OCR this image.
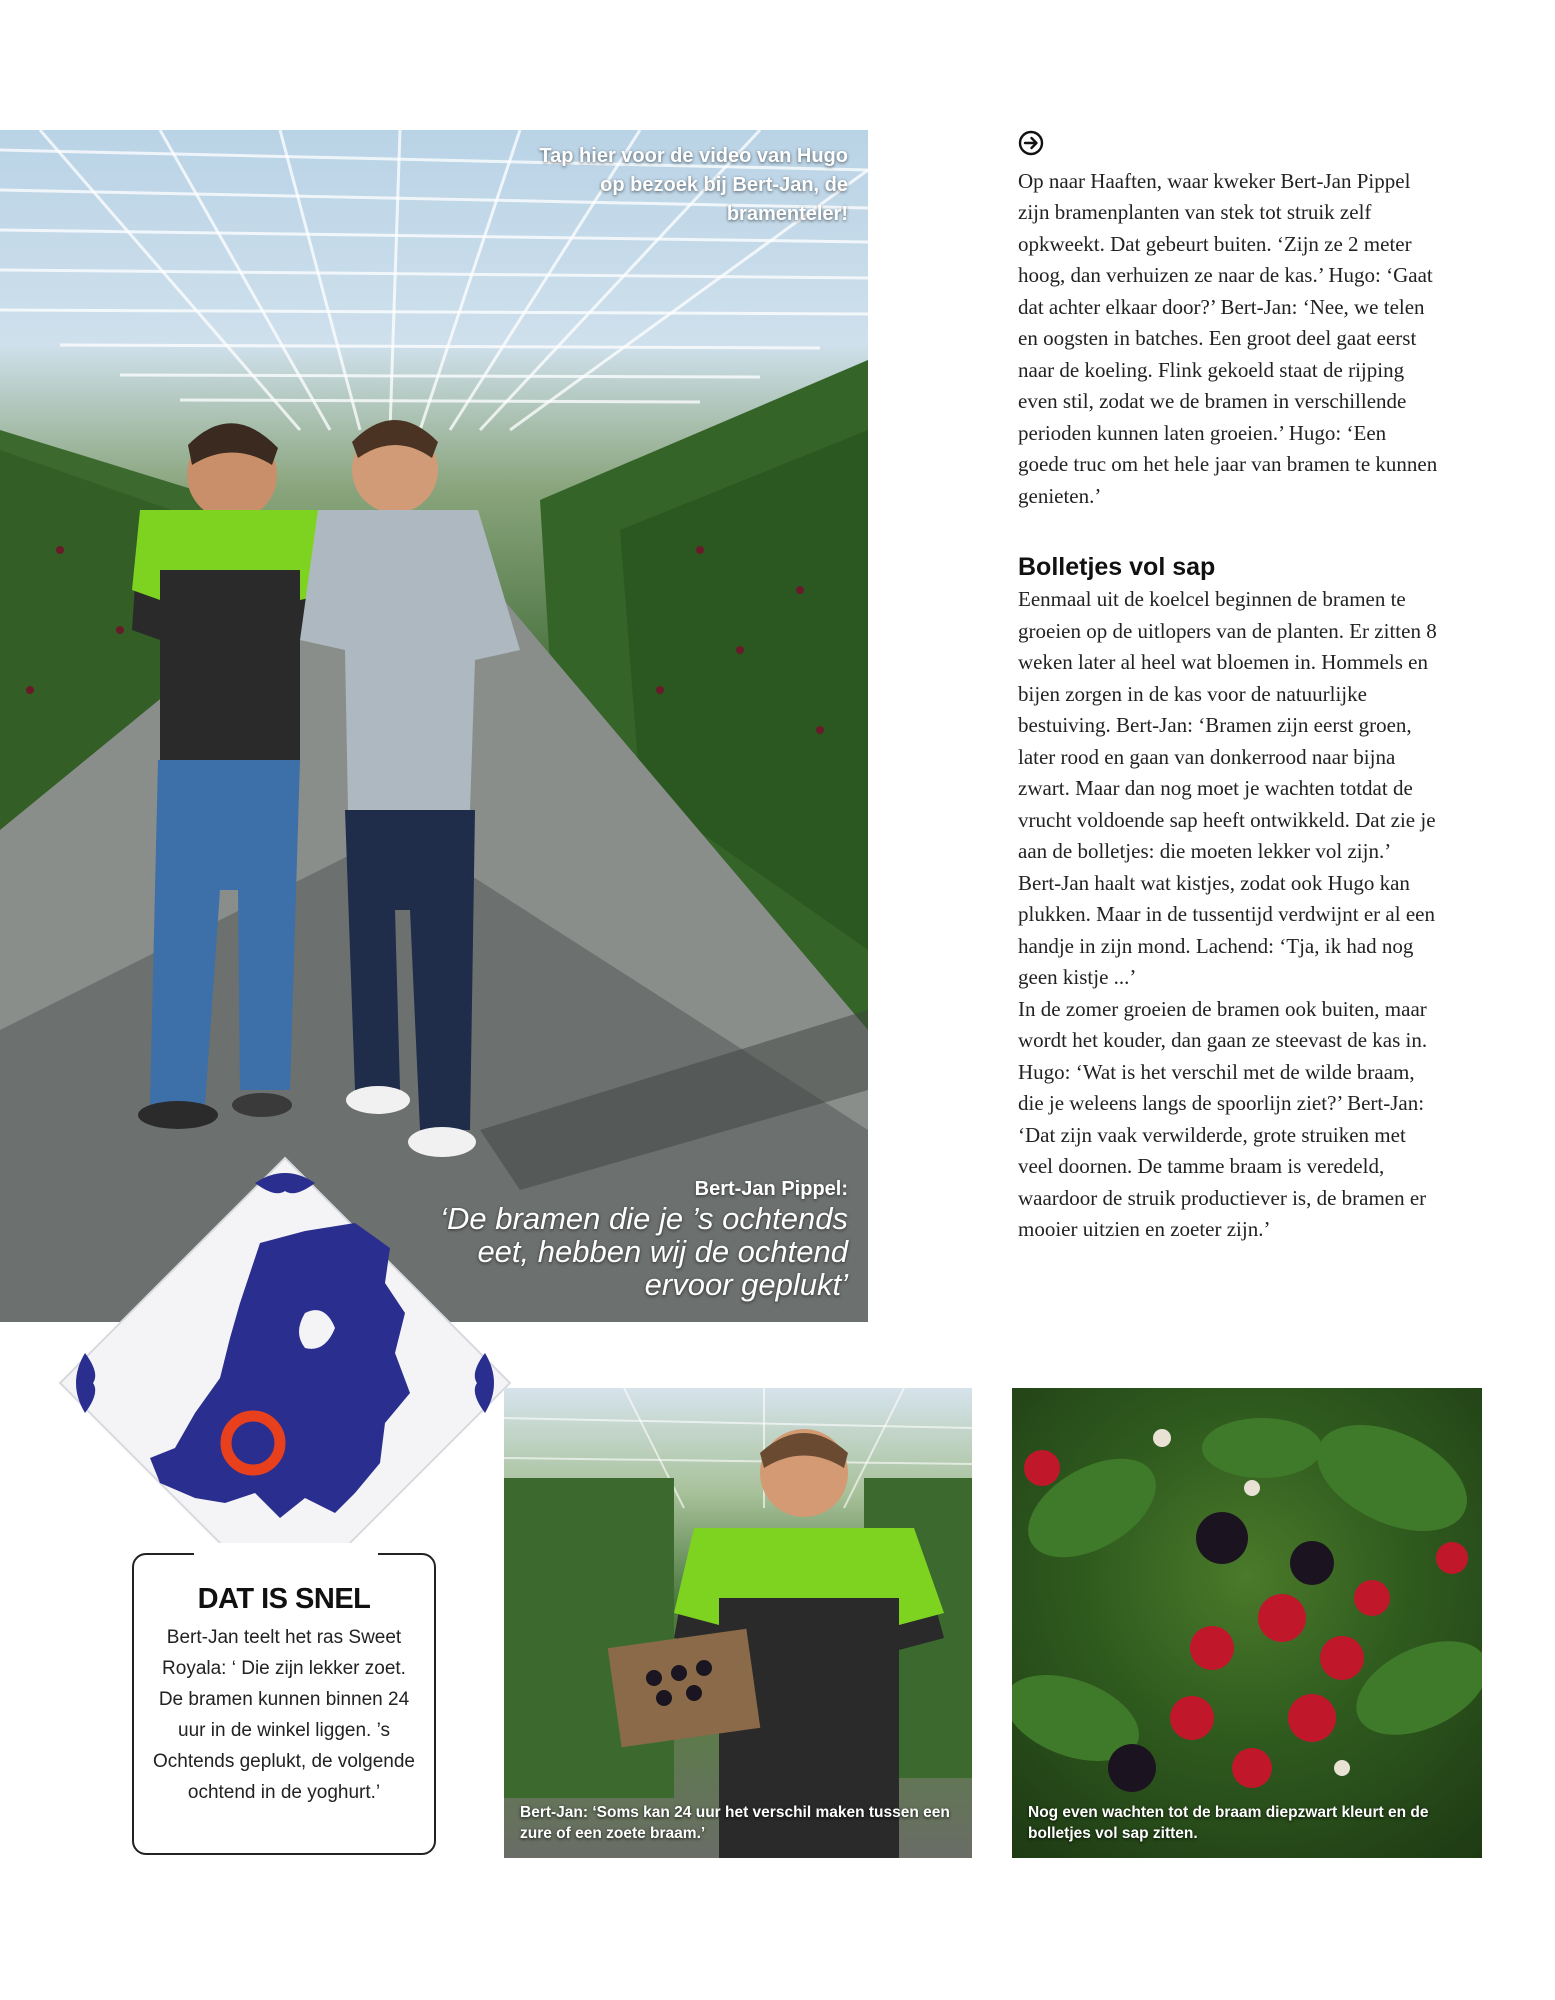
Tap hier voor de video van Hugo op bezoek bij Bert-Jan, de bramenteler!
Bert-Jan Pippel:
‘De bramen die je ’s ochtends eet, hebben wij de ochtend ervoor geplukt’
DAT IS SNEL

Bert-Jan teelt het ras Sweet Royala: ‘ Die zijn lekker zoet. De bramen kunnen binnen 24 uur in de winkel liggen. ’s Ochtends geplukt, de volgende ochtend in de yoghurt.’

Op naar Haaften, waar kweker Bert-Jan Pippel zijn bramenplanten van stek tot struik zelf opkweekt. Dat gebeurt buiten. ‘Zijn ze 2 meter hoog, dan verhuizen ze naar de kas.’ Hugo: ‘Gaat dat achter elkaar door?’ Bert-Jan: ‘Nee, we telen en oogsten in batches. Een groot deel gaat eerst naar de koeling. Flink gekoeld staat de rijping even stil, zodat we de bramen in verschillende perioden kunnen laten groeien.’ Hugo: ‘Een goede truc om het hele jaar van bramen te kunnen genieten.’

Bolletjes vol sap

Eenmaal uit de koelcel beginnen de bramen te groeien op de uitlopers van de planten. Er zitten 8 weken later al heel wat bloemen in. Hommels en bijen zorgen in de kas voor de natuurlijke bestuiving. Bert-Jan: ‘Bramen zijn eerst groen, later rood en gaan van donkerrood naar bijna zwart. Maar dan nog moet je wachten totdat de vrucht voldoende sap heeft ontwikkeld. Dat zie je aan de bolletjes: die moeten lekker vol zijn.’ Bert-Jan haalt wat kistjes, zodat ook Hugo kan plukken. Maar in de tussentijd verdwijnt er al een handje in zijn mond. Lachend: ‘Tja, ik had nog geen kistje ...’

In de zomer groeien de bramen ook buiten, maar wordt het kouder, dan gaan ze steevast de kas in. Hugo: ‘Wat is het verschil met de wilde braam, die je weleens langs de spoorlijn ziet?’ Bert-Jan: ‘Dat zijn vaak verwilderde, grote struiken met veel doornen. De tamme braam is veredeld, waardoor de struik productiever is, de bramen er mooier uitzien en zoeter zijn.’

Bert-Jan: ‘Soms kan 24 uur het verschil maken tussen een zure of een zoete braam.’
Nog even wachten tot de braam diepzwart kleurt en de bolletjes vol sap zitten.
